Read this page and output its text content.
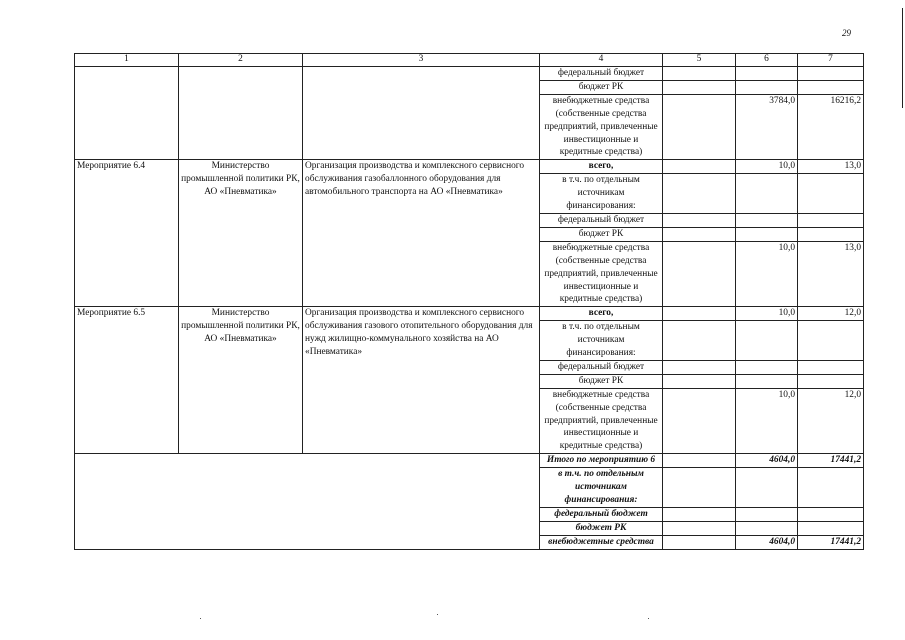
29
1	2	3	4	5	6	7
			федеральный бюджет			
			бюджет РК			
			внебюджетные средства (собственные средства предприятий, привлеченные инвестиционные и кредитные средства)		3784,0	16216,2
Мероприятие 6.4	Министерство промышленной политики РК, АО «Пневматика»	Организация производства и комплексного сервисного обслуживания газобаллонного оборудования для автомобильного транспорта на АО «Пневматика»	всего,		10,0	13,0
			в т.ч. по отдельным источникам финансирования:			
			федеральный бюджет			
			бюджет РК			
			внебюджетные средства (собственные средства предприятий, привлеченные инвестиционные и кредитные средства)		10,0	13,0
Мероприятие 6.5	Министерство промышленной политики РК, АО «Пневматика»	Организация производства и комплексного сервисного обслуживания газового отопительного оборудования для нужд жилищно-коммунального хозяйства на АО «Пневматика»	всего,		10,0	12,0
			в т.ч. по отдельным источникам финансирования:			
			федеральный бюджет			
			бюджет РК			
			внебюджетные средства (собственные средства предприятий, привлеченные инвестиционные и кредитные средства)		10,0	12,0
			Итого по мероприятию 6		4604,0	17441,2
			в т.ч. по отдельным источникам финансирования:			
			федеральный бюджет			
			бюджет РК			
			внебюджетные средства		4604,0	17441,2
